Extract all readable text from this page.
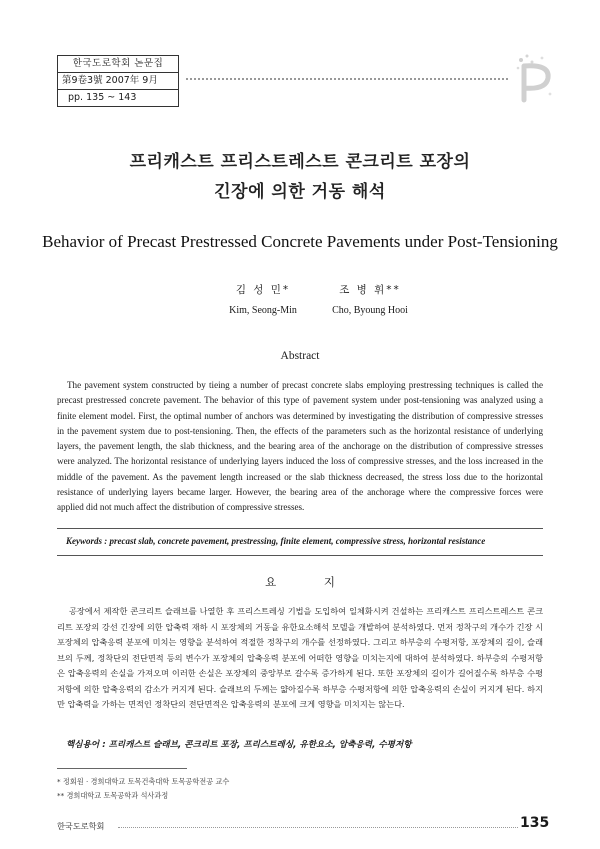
한국도로학회 논문집
第9卷3號 2007年 9月
pp. 135 ~ 143
프리캐스트 프리스트레스트 콘크리트 포장의
긴장에 의한 거동 해석
Behavior of Precast Prestressed Concrete Pavements under Post-Tensioning
김 성 민*
Kim, Seong-Min
조 병 휘**
Cho, Byoung Hooi
Abstract
The pavement system constructed by tieing a number of precast concrete slabs employing prestressing techniques is called the precast prestressed concrete pavement. The behavior of this type of pavement system under post-tensioning was analyzed using a finite element model. First, the optimal number of anchors was determined by investigating the distribution of compressive stresses in the pavement system due to post-tensioning. Then, the effects of the parameters such as the horizontal resistance of underlying layers, the pavement length, the slab thickness, and the bearing area of the anchorage on the distribution of compressive stresses were analyzed. The horizontal resistance of underlying layers induced the loss of compressive stresses, and the loss increased in the middle of the pavement. As the pavement length increased or the slab thickness decreased, the stress loss due to the horizontal resistance of underlying layers became larger. However, the bearing area of the anchorage where the compressive forces were applied did not much affect the distribution of compressive stresses.
Keywords : precast slab, concrete pavement, prestressing, finite element, compressive stress, horizontal resistance
요 지
공장에서 제작한 콘크리트 슬래브를 나열한 후 프리스트레싱 기법을 도입하여 일체화시켜 건설하는 프리캐스트 프리스트레스트 콘크리트 포장의 강선 긴장에 의한 압축력 재하 시 포장체의 거동을 유한요소해석 모델을 개발하여 분석하였다. 먼저 정착구의 개수가 긴장 시 포장체의 압축응력 분포에 미치는 영향을 분석하여 적절한 정착구의 개수를 선정하였다. 그리고 하부층의 수평저항, 포장체의 길이, 슬래브의 두께, 정착단의 전단면적 등의 변수가 포장체의 압축응력 분포에 어떠한 영향을 미치는지에 대하여 분석하였다. 하부층의 수평저항은 압축응력의 손실을 가져오며 이러한 손실은 포장체의 중앙부로 갈수록 증가하게 된다. 또한 포장체의 길이가 길어질수록 하부층 수평저항에 의한 압축응력의 감소가 커지게 된다. 슬래브의 두께는 얇아질수록 하부층 수평저항에 의한 압축응력의 손실이 커지게 된다. 하지만 압축력을 가하는 면적인 정착단의 전단면적은 압축응력의 분포에 크게 영향을 미치지는 않는다.
핵심용어 : 프리캐스트 슬래브, 콘크리트 포장, 프리스트레싱, 유한요소, 압축응력, 수평저항
* 정회원 · 경희대학교 토목건축대학 토목공학전공 교수
** 경희대학교 토목공학과 석사과정
한국도로학회	135
